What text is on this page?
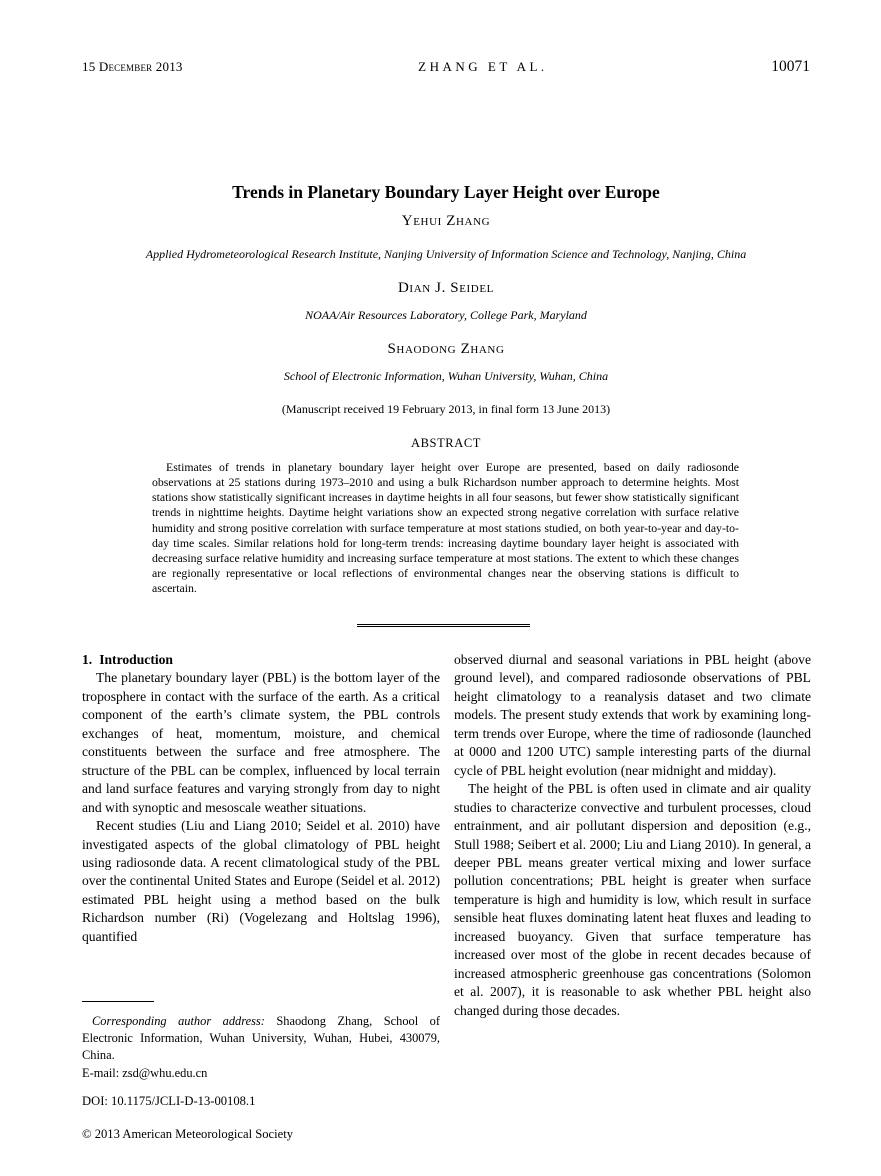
15 December 2013	ZHANG ET AL.	10071
Trends in Planetary Boundary Layer Height over Europe
Yehui Zhang
Applied Hydrometeorological Research Institute, Nanjing University of Information Science and Technology, Nanjing, China
Dian J. Seidel
NOAA/Air Resources Laboratory, College Park, Maryland
Shaodong Zhang
School of Electronic Information, Wuhan University, Wuhan, China
(Manuscript received 19 February 2013, in final form 13 June 2013)
ABSTRACT
Estimates of trends in planetary boundary layer height over Europe are presented, based on daily radiosonde observations at 25 stations during 1973–2010 and using a bulk Richardson number approach to determine heights. Most stations show statistically significant increases in daytime heights in all four seasons, but fewer show statistically significant trends in nighttime heights. Daytime height variations show an expected strong negative correlation with surface relative humidity and strong positive correlation with surface temperature at most stations studied, on both year-to-year and day-to-day time scales. Similar relations hold for long-term trends: increasing daytime boundary layer height is associated with decreasing surface relative humidity and increasing surface temperature at most stations. The extent to which these changes are regionally representative or local reflections of environmental changes near the observing stations is difficult to ascertain.

1. Introduction

The planetary boundary layer (PBL) is the bottom layer of the troposphere in contact with the surface of the earth. As a critical component of the earth’s climate system, the PBL controls exchanges of heat, momentum, moisture, and chemical constituents between the surface and free atmosphere. The structure of the PBL can be complex, influenced by local terrain and land surface features and varying strongly from day to night and with synoptic and mesoscale weather situations.

Recent studies (Liu and Liang 2010; Seidel et al. 2010) have investigated aspects of the global climatology of PBL height using radiosonde data. A recent climatological study of the PBL over the continental United States and Europe (Seidel et al. 2012) estimated PBL height using a method based on the bulk Richardson number (Ri) (Vogelezang and Holtslag 1996), quantified

observed diurnal and seasonal variations in PBL height (above ground level), and compared radiosonde observations of PBL height climatology to a reanalysis dataset and two climate models. The present study extends that work by examining long-term trends over Europe, where the time of radiosonde (launched at 0000 and 1200 UTC) sample interesting parts of the diurnal cycle of PBL height evolution (near midnight and midday).

The height of the PBL is often used in climate and air quality studies to characterize convective and turbulent processes, cloud entrainment, and air pollutant dispersion and deposition (e.g., Stull 1988; Seibert et al. 2000; Liu and Liang 2010). In general, a deeper PBL means greater vertical mixing and lower surface pollution concentrations; PBL height is greater when surface temperature is high and humidity is low, which result in surface sensible heat fluxes dominating latent heat fluxes and leading to increased buoyancy. Given that surface temperature has increased over most of the globe in recent decades because of increased atmospheric greenhouse gas concentrations (Solomon et al. 2007), it is reasonable to ask whether PBL height also changed during those decades.

Corresponding author address: Shaodong Zhang, School of Electronic Information, Wuhan University, Wuhan, Hubei, 430079, China.

E-mail: zsd@whu.edu.cn

DOI: 10.1175/JCLI-D-13-00108.1
© 2013 American Meteorological Society
